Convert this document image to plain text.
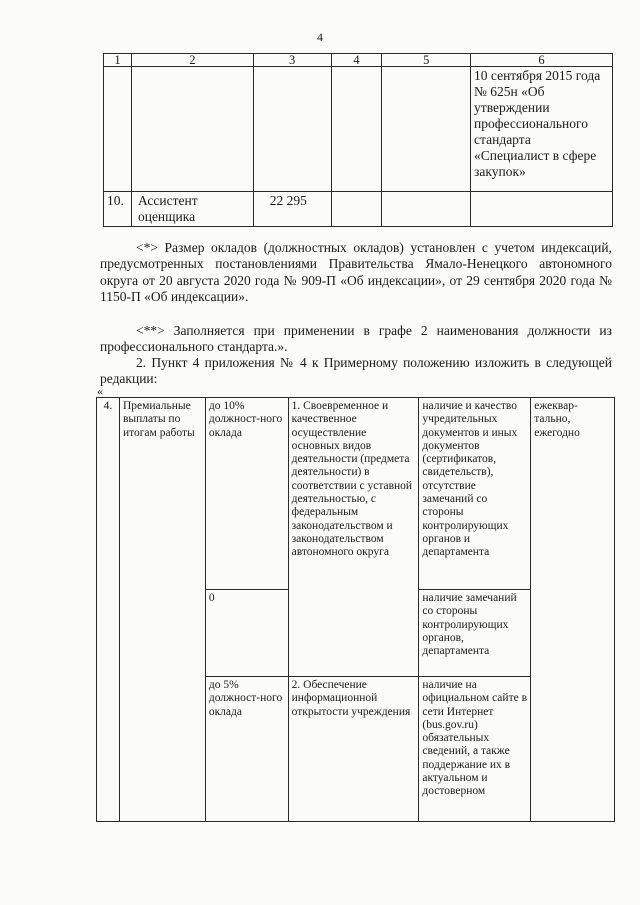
4
1	2	3	4	5	6
					10 сентября 2015 года № 625н «Об утверждении профессионального стандарта «Специалист в сфере закупок»
10.	Ассистент оценщика	22 295			
<*> Размер окладов (должностных окладов) установлен с учетом индексаций, предусмотренных постановлениями Правительства Ямало-Ненецкого автономного округа от 20 августа 2020 года № 909-П «Об индексации», от 29 сентября 2020 года № 1150-П «Об индексации».
<**> Заполняется при применении в графе 2 наименования должности из профессионального стандарта.».
2. Пункт 4 приложения № 4 к Примерному положению изложить в следующей редакции:
«
4.	Премиальные выплаты по итогам работы	до 10% должност-ного оклада	1. Своевременное и качественное осуществление основных видов деятельности (предмета деятельности) в соответствии с уставной деятельностью, с федеральным законодательством и законодательством автономного округа	наличие и качество учредительных документов и иных документов (сертификатов, свидетельств), отсутствие замечаний со стороны контролирующих органов и департамента	ежеквар-тально, ежегодно
		0		наличие замечаний со стороны контролирующих органов, департамента	
		до 5% должност-ного оклада	2. Обеспечение информационной открытости учреждения	наличие на официальном сайте в сети Интернет (bus.gov.ru) обязательных сведений, а также поддержание их в актуальном и достоверном	
